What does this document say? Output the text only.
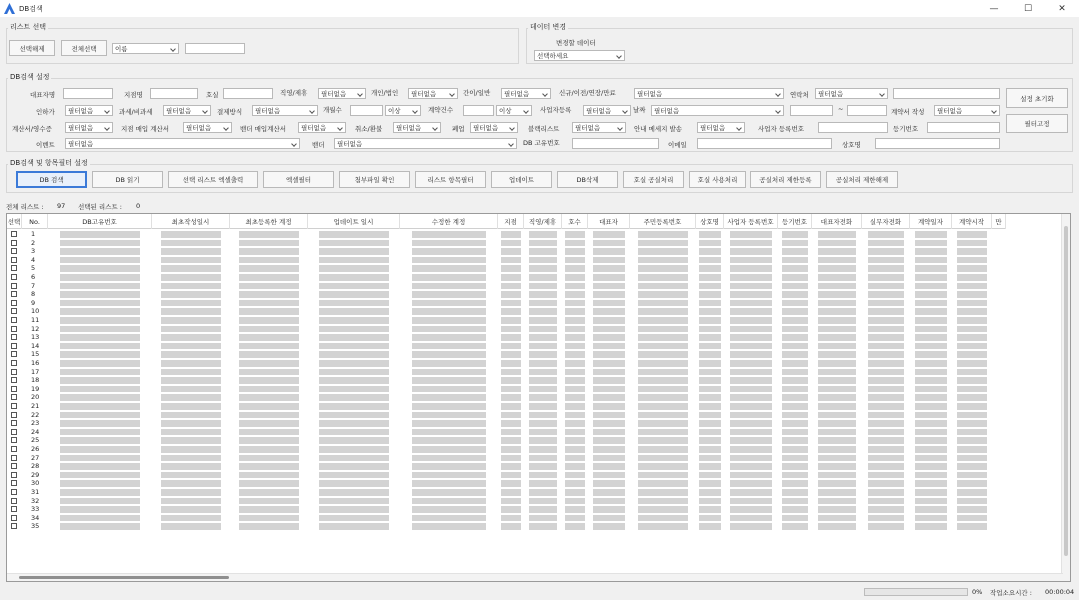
DB검색	—	☐	✕
리스트 선택
선택해제	전체선택	이름
데이터 변경
변경할 데이터
선택하세요
DB검색 설정
대표자명	지점명	호실	직영/제휴	필터없음	개인/법인	필터없음	간이/일반	필터없음	신규/이전/연장/만료	필터없음	연락처	필터없음
설정 초기화
인하가	필터없음	과세/비과세	필터없음	결제방식	필터없음	개월수	이상	계약건수	이상	사업자등록	필터없음	날짜	필터없음	~	계약서 작성	필터없음
계산서/영수증	필터없음	지점 매입 계산서	필터없음	밴더 매입계산서	필터없음	취소/환불	필터없음	폐업	필터없음	블랙리스트	필터없음	안내 메세지 발송	필터없음	사업자 등록번호	등기번호
필터고정
이벤트	필터없음	밴더	필터없음	DB 고유번호	이메일	상호명
DB검색 및 항목필터 설정
DB 검색	DB 읽기	선택 리스트 엑셀출력	엑셀필터	첨부파일 확인	리스트 항목필터	업데이트	DB삭제	호실 공실처리	호실 사용처리	공실처리 제한등록	공실처리 제한해제
전체 리스트 : 97 선택된 리스트 : 0
선택	No.	DB고유번호	최초작성일시	최초등록한 계정	업데이트 일시	수정한 계정	지점	직영/제휴	호수	대표자	주민등록번호	상호명	사업자 등록번호	등기번호	대표자전화	실무자전화	계약일자	계약시작	만
1
2
3
4
5
6
7
8
9
10
11
12
13
14
15
16
17
18
19
20
21
22
23
24
25
26
27
28
29
30
31
32
33
34
35
0% 작업소요시간 : 00:00:04
